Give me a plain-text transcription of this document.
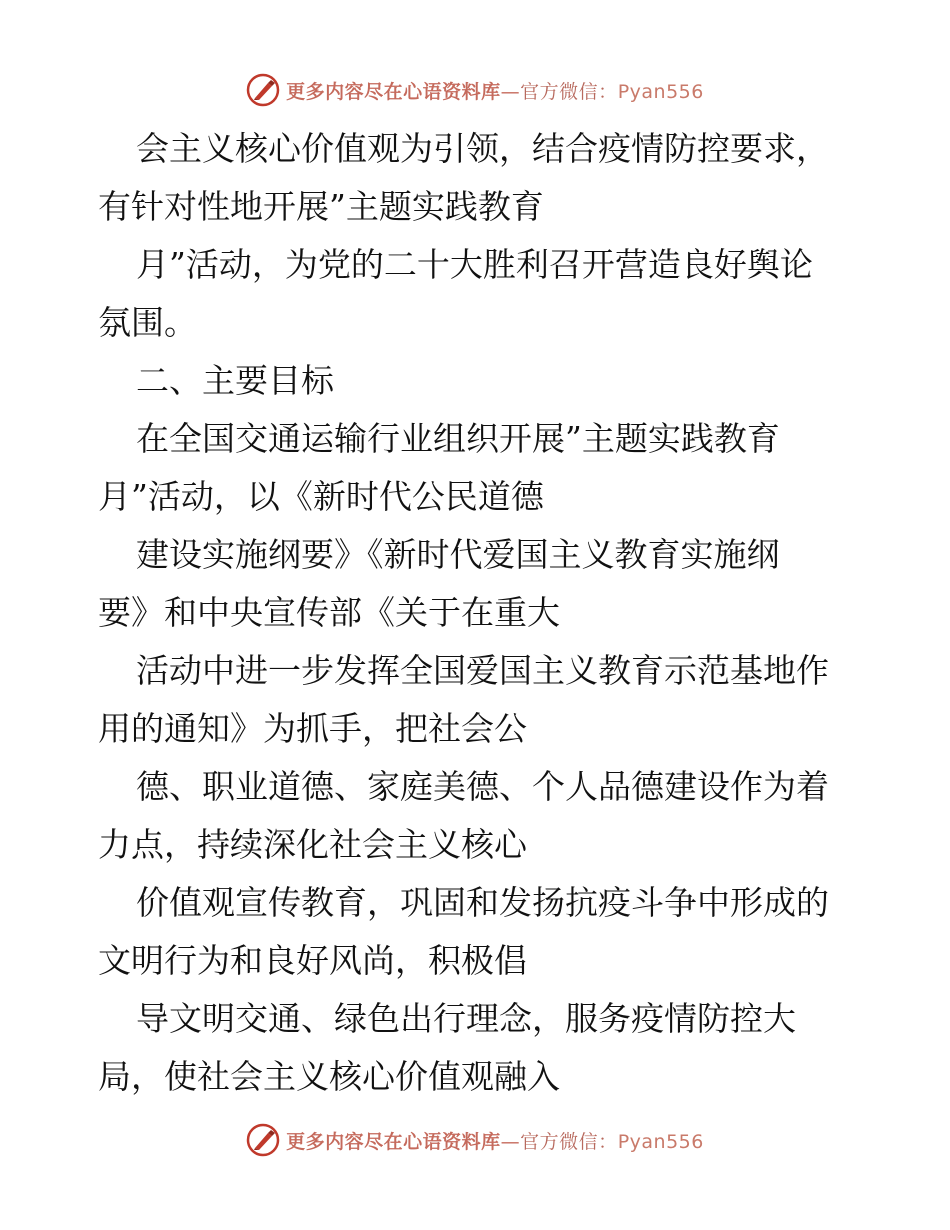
更多内容尽在心语资料库—官方微信：Pyan556
会主义核心价值观为引领，结合疫情防控要求，
有针对性地开展”主题实践教育
月”活动，为党的二十大胜利召开营造良好舆论
氛围。
二、主要目标
在全国交通运输行业组织开展”主题实践教育
月”活动，以《新时代公民道德
建设实施纲要》《新时代爱国主义教育实施纲
要》和中央宣传部《关于在重大
活动中进一步发挥全国爱国主义教育示范基地作
用的通知》为抓手，把社会公
德、职业道德、家庭美德、个人品德建设作为着
力点，持续深化社会主义核心
价值观宣传教育，巩固和发扬抗疫斗争中形成的
文明行为和良好风尚，积极倡
导文明交通、绿色出行理念，服务疫情防控大
局，使社会主义核心价值观融入
更多内容尽在心语资料库—官方微信：Pyan556
